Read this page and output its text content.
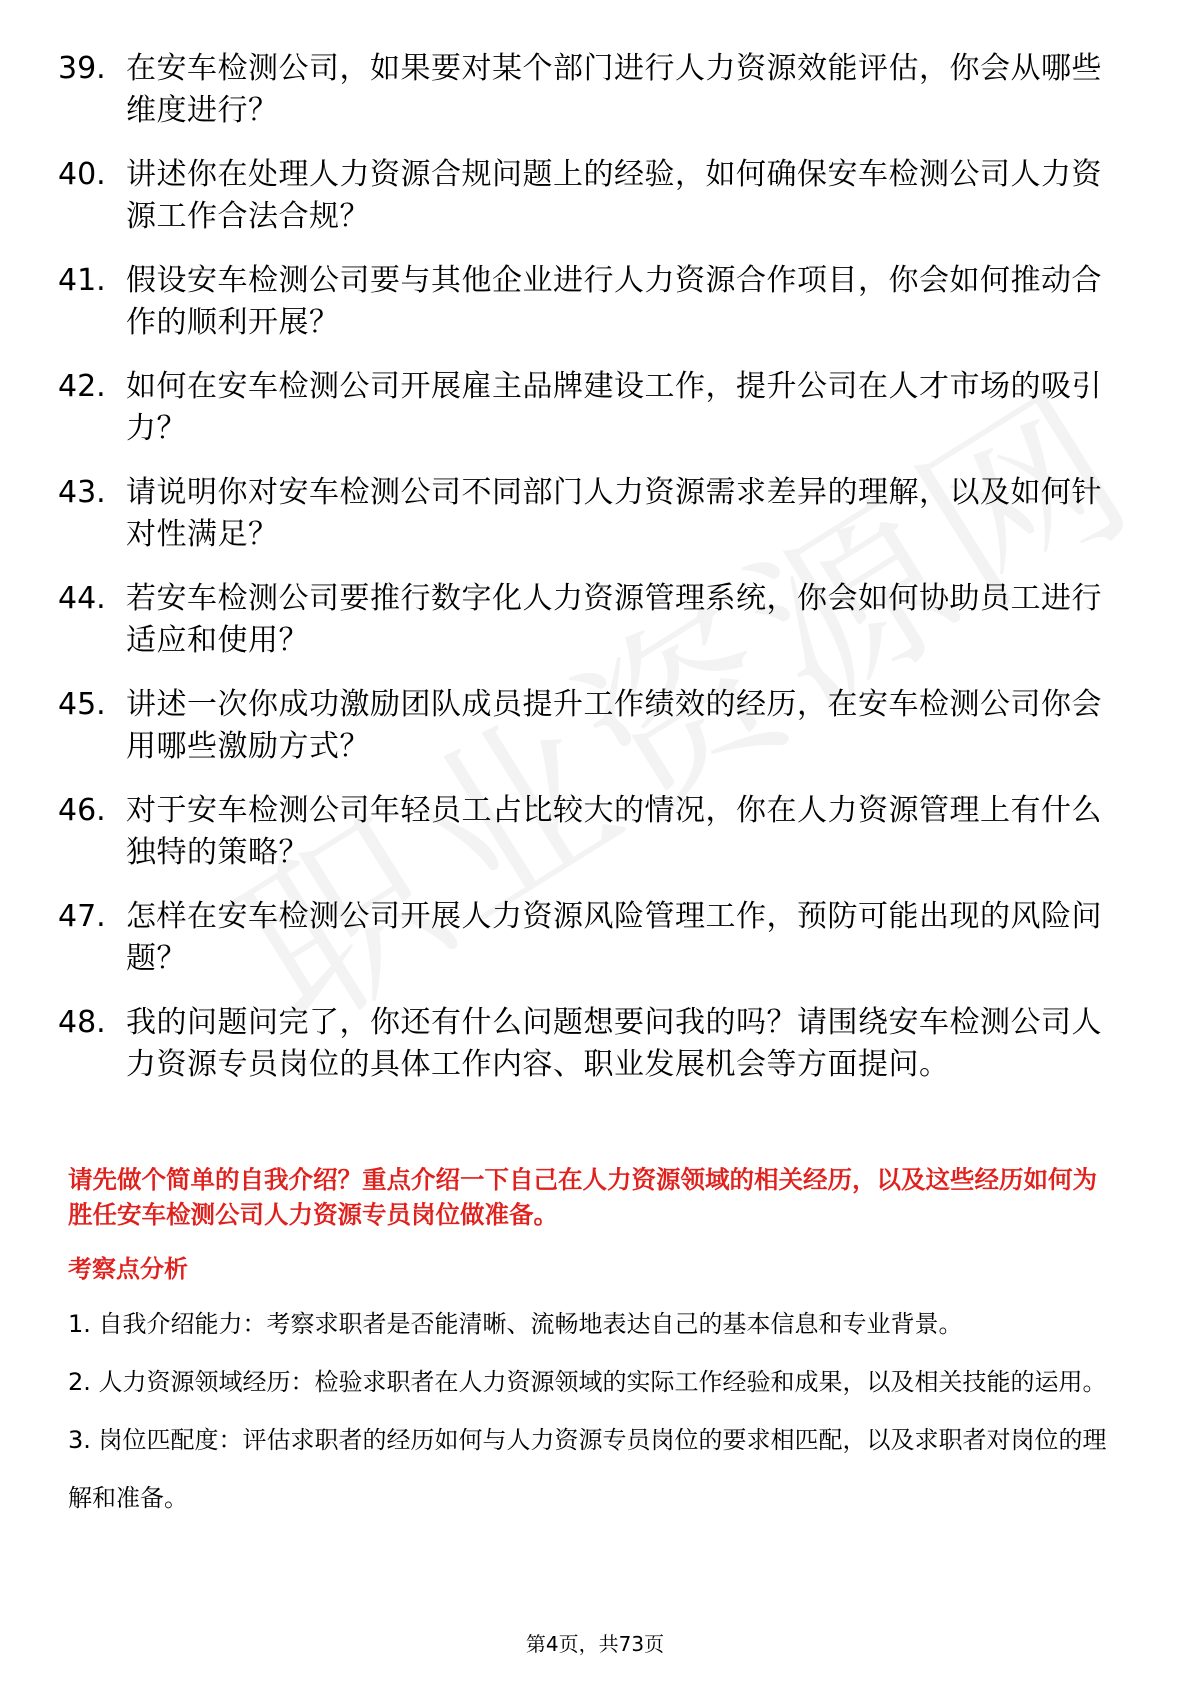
39. 在安车检测公司，如果要对某个部门进行人力资源效能评估，你会从哪些维度进行？
40. 讲述你在处理人力资源合规问题上的经验，如何确保安车检测公司人力资源工作合法合规？
41. 假设安车检测公司要与其他企业进行人力资源合作项目，你会如何推动合作的顺利开展？
42. 如何在安车检测公司开展雇主品牌建设工作，提升公司在人才市场的吸引力？
43. 请说明你对安车检测公司不同部门人力资源需求差异的理解，以及如何针对性满足？
44. 若安车检测公司要推行数字化人力资源管理系统，你会如何协助员工进行适应和使用？
45. 讲述一次你成功激励团队成员提升工作绩效的经历，在安车检测公司你会用哪些激励方式？
46. 对于安车检测公司年轻员工占比较大的情况，你在人力资源管理上有什么独特的策略？
47. 怎样在安车检测公司开展人力资源风险管理工作，预防可能出现的风险问题？
48. 我的问题问完了，你还有什么问题想要问我的吗？请围绕安车检测公司人力资源专员岗位的具体工作内容、职业发展机会等方面提问。

请先做个简单的自我介绍？重点介绍一下自己在人力资源领域的相关经历，以及这些经历如何为胜任安车检测公司人力资源专员岗位做准备。

考察点分析

1. 自我介绍能力：考察求职者是否能清晰、流畅地表达自己的基本信息和专业背景。

2. 人力资源领域经历：检验求职者在人力资源领域的实际工作经验和成果，以及相关技能的运用。

3. 岗位匹配度：评估求职者的经历如何与人力资源专员岗位的要求相匹配，以及求职者对岗位的理解和准备。

第4页，共73页
